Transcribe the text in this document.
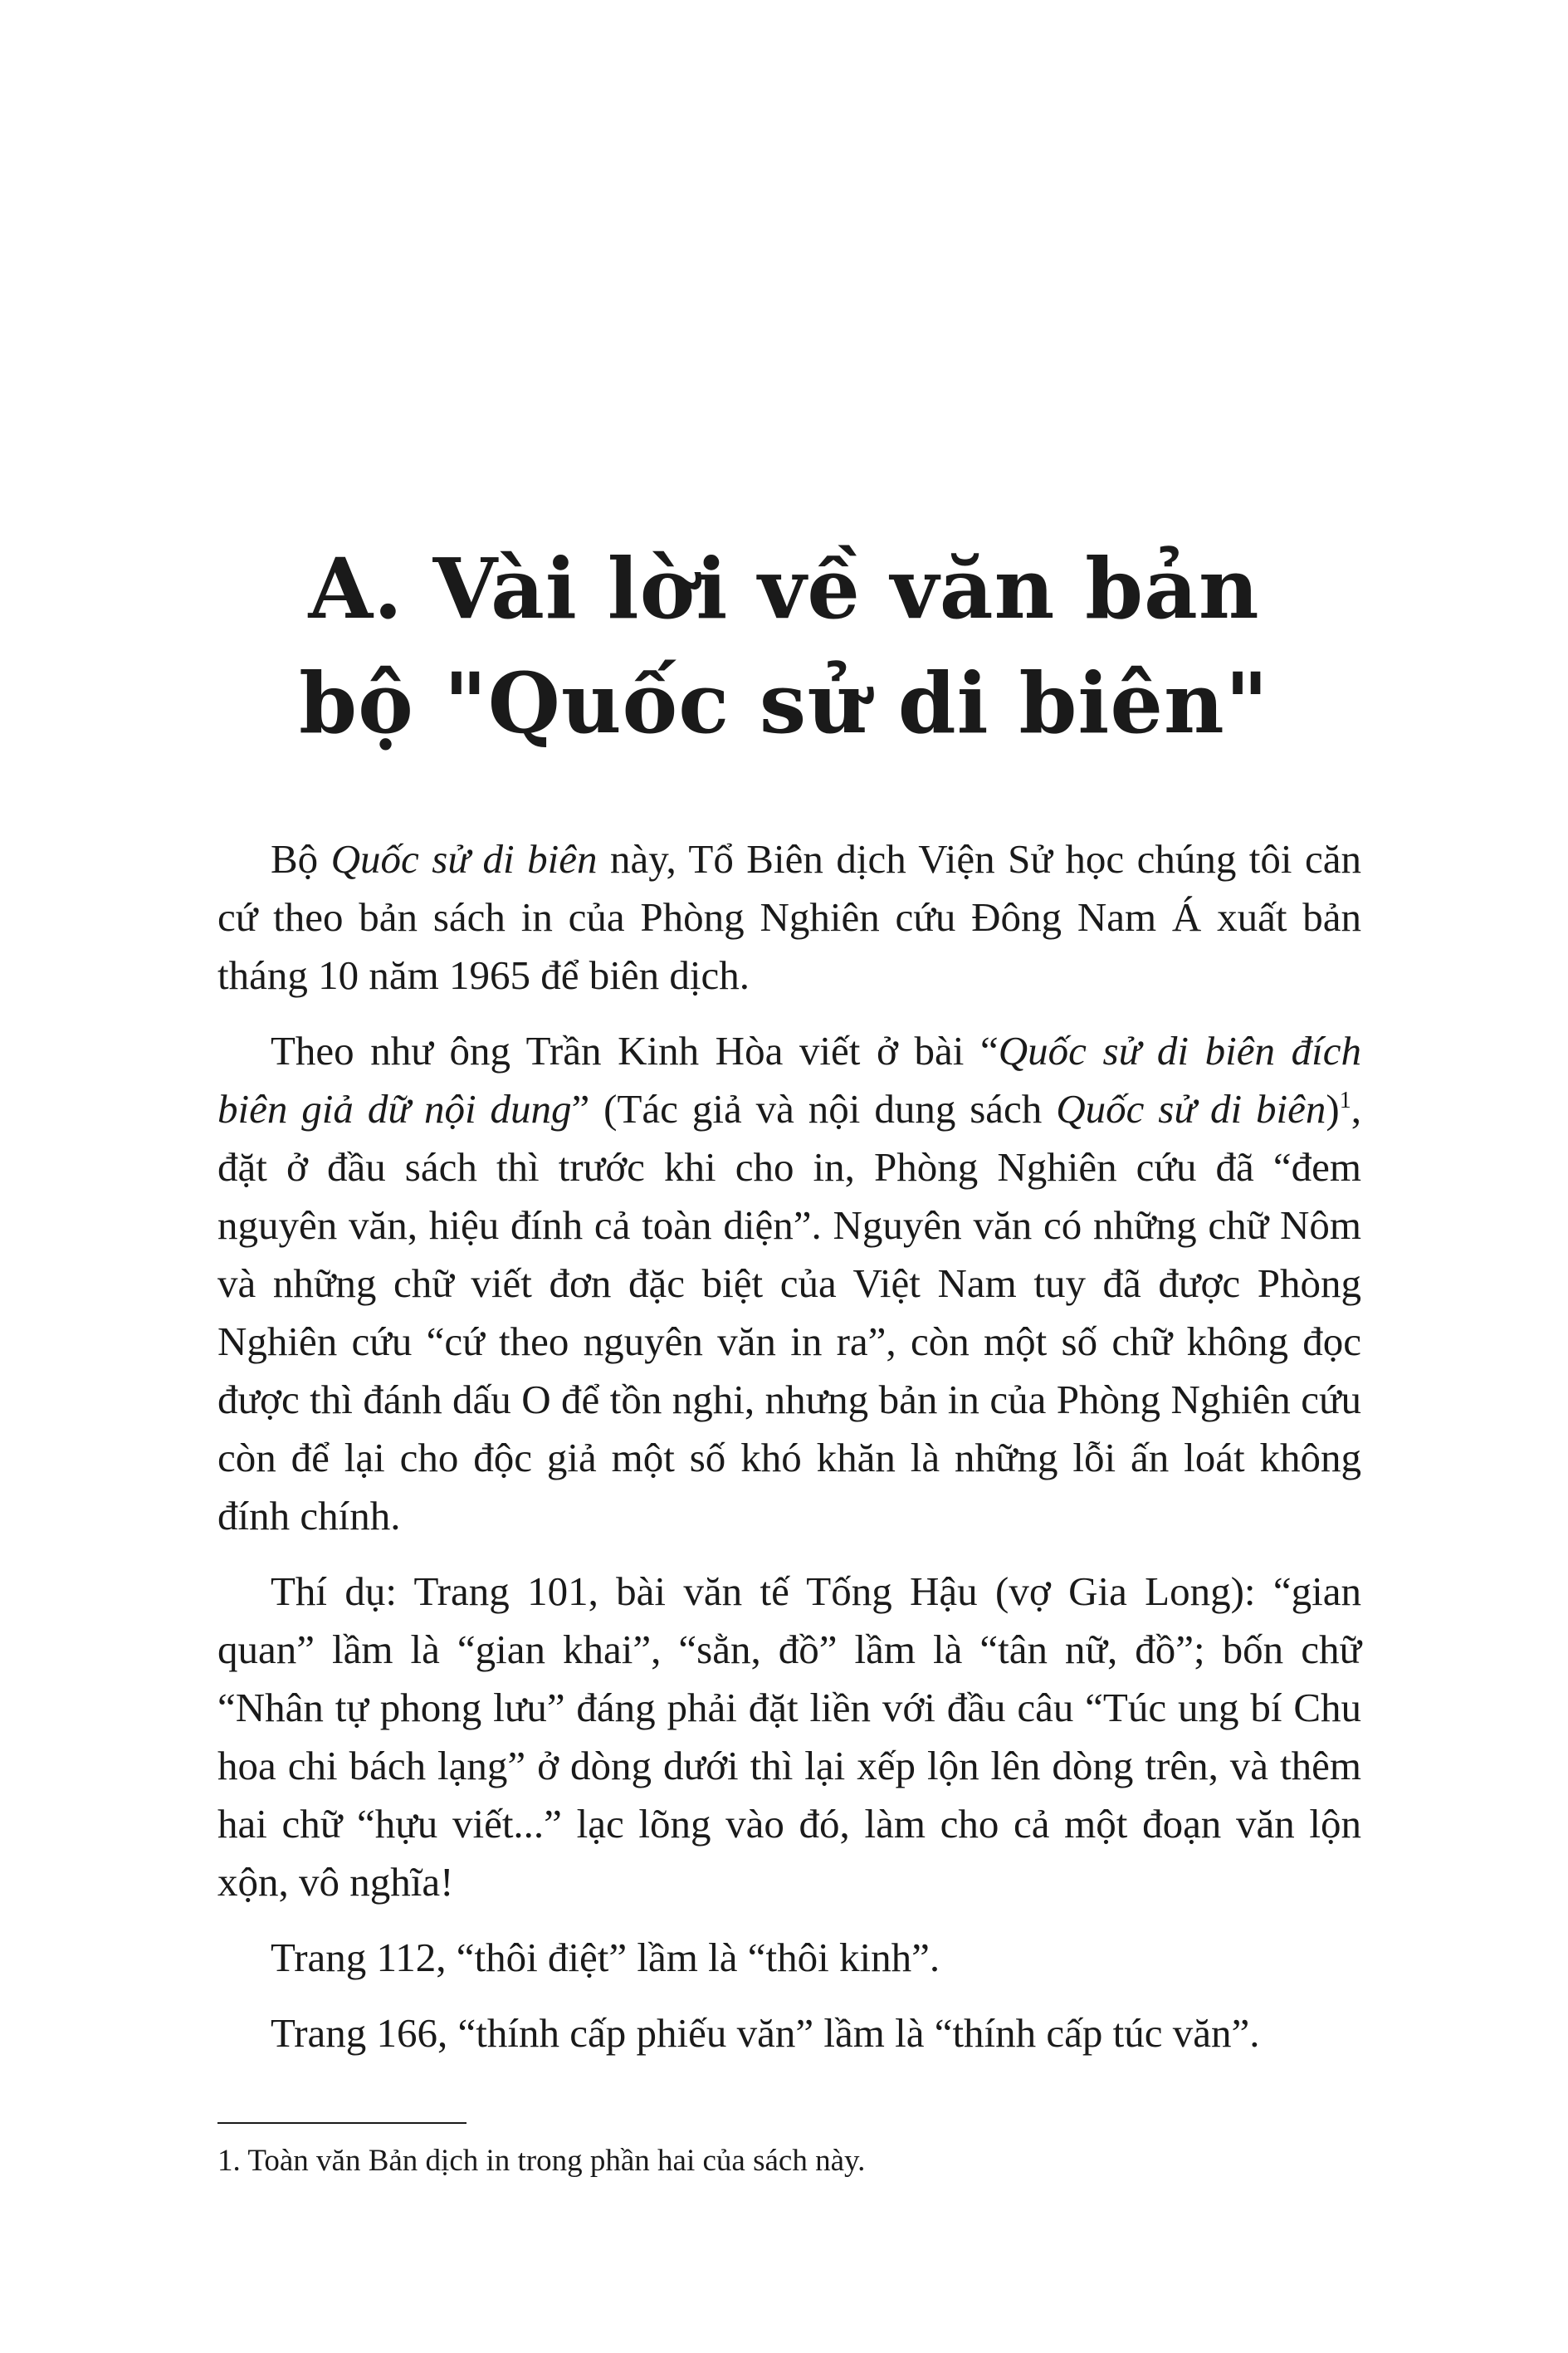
A. Vài lời về văn bản
bộ "Quốc sử di biên"

Bộ Quốc sử di biên này, Tổ Biên dịch Viện Sử học chúng tôi căn cứ theo bản sách in của Phòng Nghiên cứu Đông Nam Á xuất bản tháng 10 năm 1965 để biên dịch.

Theo như ông Trần Kinh Hòa viết ở bài “Quốc sử di biên đích biên giả dữ nội dung” (Tác giả và nội dung sách Quốc sử di biên)$^1$, đặt ở đầu sách thì trước khi cho in, Phòng Nghiên cứu đã “đem nguyên văn, hiệu đính cả toàn diện”. Nguyên văn có những chữ Nôm và những chữ viết đơn đặc biệt của Việt Nam tuy đã được Phòng Nghiên cứu “cứ theo nguyên văn in ra”, còn một số chữ không đọc được thì đánh dấu O để tồn nghi, nhưng bản in của Phòng Nghiên cứu còn để lại cho độc giả một số khó khăn là những lỗi ấn loát không đính chính.

Thí dụ: Trang 101, bài văn tế Tống Hậu (vợ Gia Long): “gian quan” lầm là “gian khai”, “sằn, đồ” lầm là “tân nữ, đồ”; bốn chữ “Nhân tự phong lưu” đáng phải đặt liền với đầu câu “Túc ung bí Chu hoa chi bách lạng” ở dòng dưới thì lại xếp lộn lên dòng trên, và thêm hai chữ “hựu viết...” lạc lõng vào đó, làm cho cả một đoạn văn lộn xộn, vô nghĩa!

Trang 112, “thôi điệt” lầm là “thôi kinh”.

Trang 166, “thính cấp phiếu văn” lầm là “thính cấp túc văn”.

1. Toàn văn Bản dịch in trong phần hai của sách này.
